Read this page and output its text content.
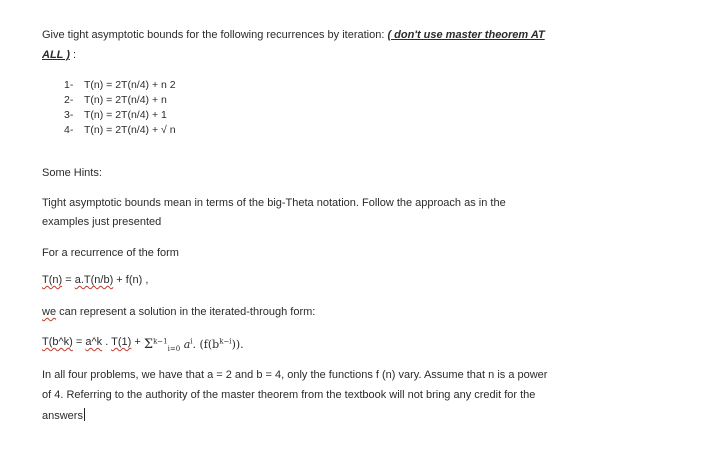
Give tight asymptotic bounds for the following recurrences by iteration: ( don't use master theorem AT
ALL ) :
1-	T(n) = 2T(n/4) + n 2
2-	T(n) = 2T(n/4) + n
3-	T(n) = 2T(n/4) + 1
4-	T(n) = 2T(n/4) + √ n
Some Hints:
Tight asymptotic bounds mean in terms of the big-Theta notation. Follow the approach as in the
examples just presented
For a recurrence of the form
T(n) = a.T(n/b) + f(n) ,
we can represent a solution in the iterated-through form:
T(b^k) = a^k . $T(1) + \Sigma^{k-1}_{i=0}$ $a^i$. $(f(b^{k-i}))$.
In all four problems, we have that a = 2 and b = 4, only the functions f (n) vary. Assume that n is a power
of 4. Referring to the authority of the master theorem from the textbook will not bring any credit for the
answers
